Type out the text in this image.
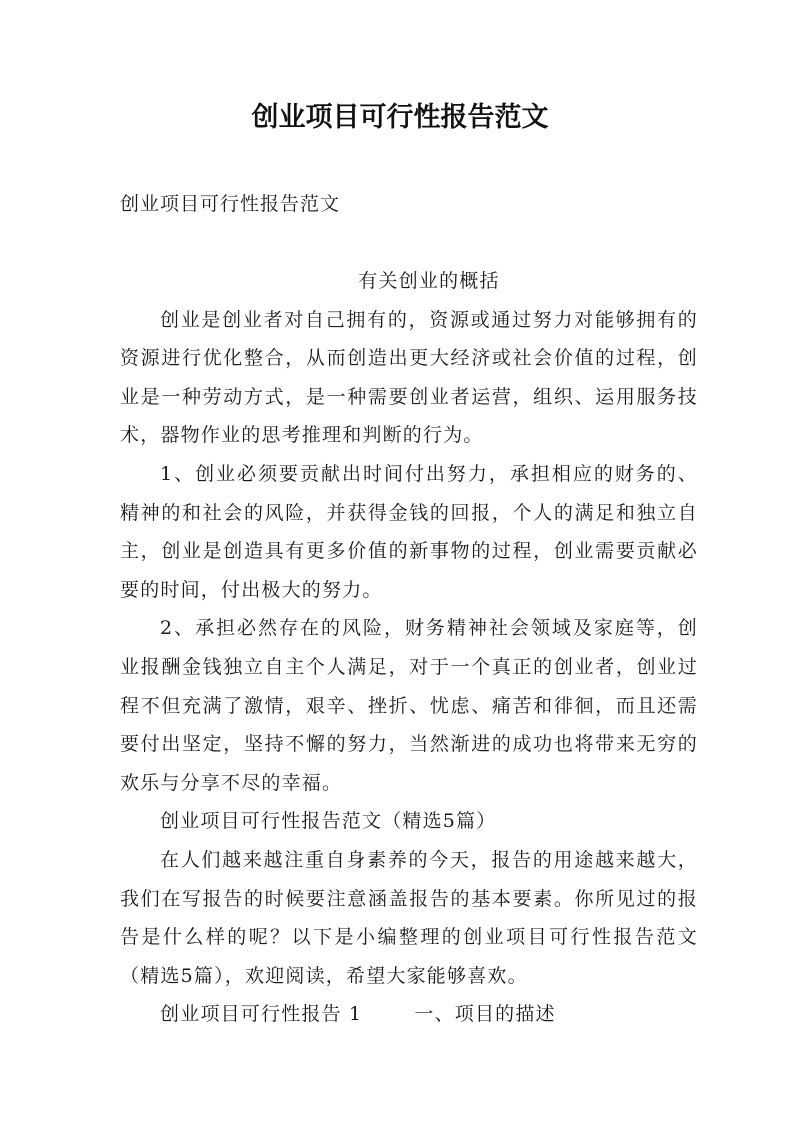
创业项目可行性报告范文

创业项目可行性报告范文

有关创业的概括

创业是创业者对自己拥有的，资源或通过努力对能够拥有的资源进行优化整合，从而创造出更大经济或社会价值的过程，创业是一种劳动方式，是一种需要创业者运营，组织、运用服务技术，器物作业的思考推理和判断的行为。

1、创业必须要贡献出时间付出努力，承担相应的财务的、精神的和社会的风险，并获得金钱的回报，个人的满足和独立自主，创业是创造具有更多价值的新事物的过程，创业需要贡献必要的时间，付出极大的努力。

2、承担必然存在的风险，财务精神社会领域及家庭等，创业报酬金钱独立自主个人满足，对于一个真正的创业者，创业过程不但充满了激情，艰辛、挫折、忧虑、痛苦和徘徊，而且还需要付出坚定，坚持不懈的努力，当然渐进的成功也将带来无穷的欢乐与分享不尽的幸福。

创业项目可行性报告范文（精选5篇）

在人们越来越注重自身素养的今天，报告的用途越来越大，我们在写报告的时候要注意涵盖报告的基本要素。你所见过的报告是什么样的呢？以下是小编整理的创业项目可行性报告范文（精选5篇），欢迎阅读，希望大家能够喜欢。

创业项目可行性报告 1	一、项目的描述
